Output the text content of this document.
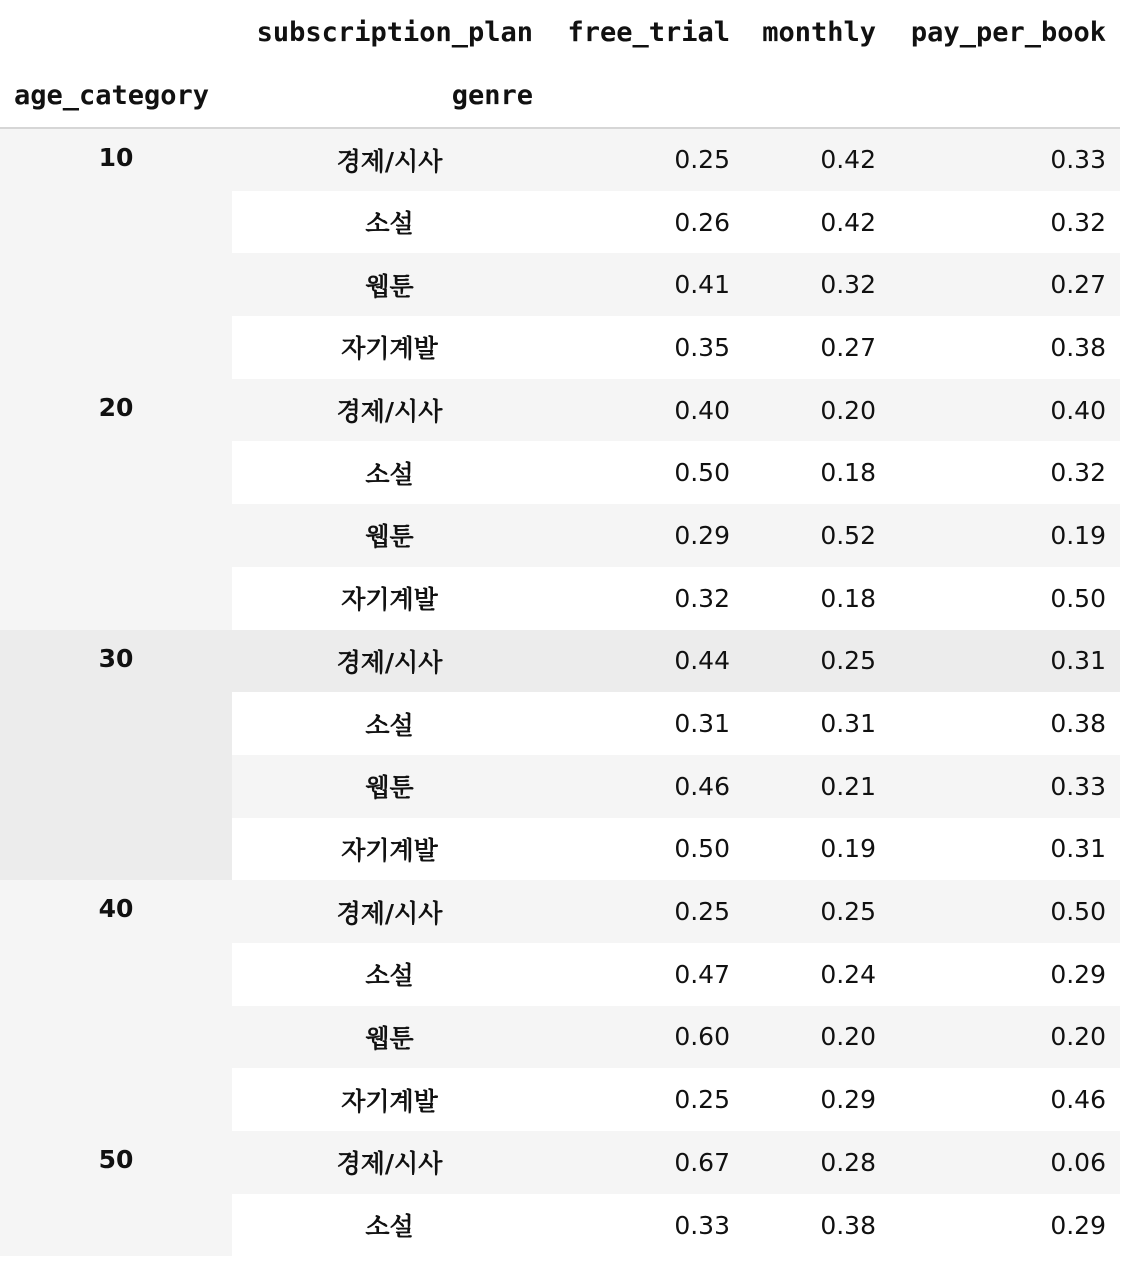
	subscription_plan	free_trial	monthly	pay_per_book
age_category	genre			
10	경제/시사	0.25	0.42	0.33
	소설	0.26	0.42	0.32
	웹툰	0.41	0.32	0.27
	자기계발	0.35	0.27	0.38
20	경제/시사	0.40	0.20	0.40
	소설	0.50	0.18	0.32
	웹툰	0.29	0.52	0.19
	자기계발	0.32	0.18	0.50
30	경제/시사	0.44	0.25	0.31
	소설	0.31	0.31	0.38
	웹툰	0.46	0.21	0.33
	자기계발	0.50	0.19	0.31
40	경제/시사	0.25	0.25	0.50
	소설	0.47	0.24	0.29
	웹툰	0.60	0.20	0.20
	자기계발	0.25	0.29	0.46
50	경제/시사	0.67	0.28	0.06
	소설	0.33	0.38	0.29
